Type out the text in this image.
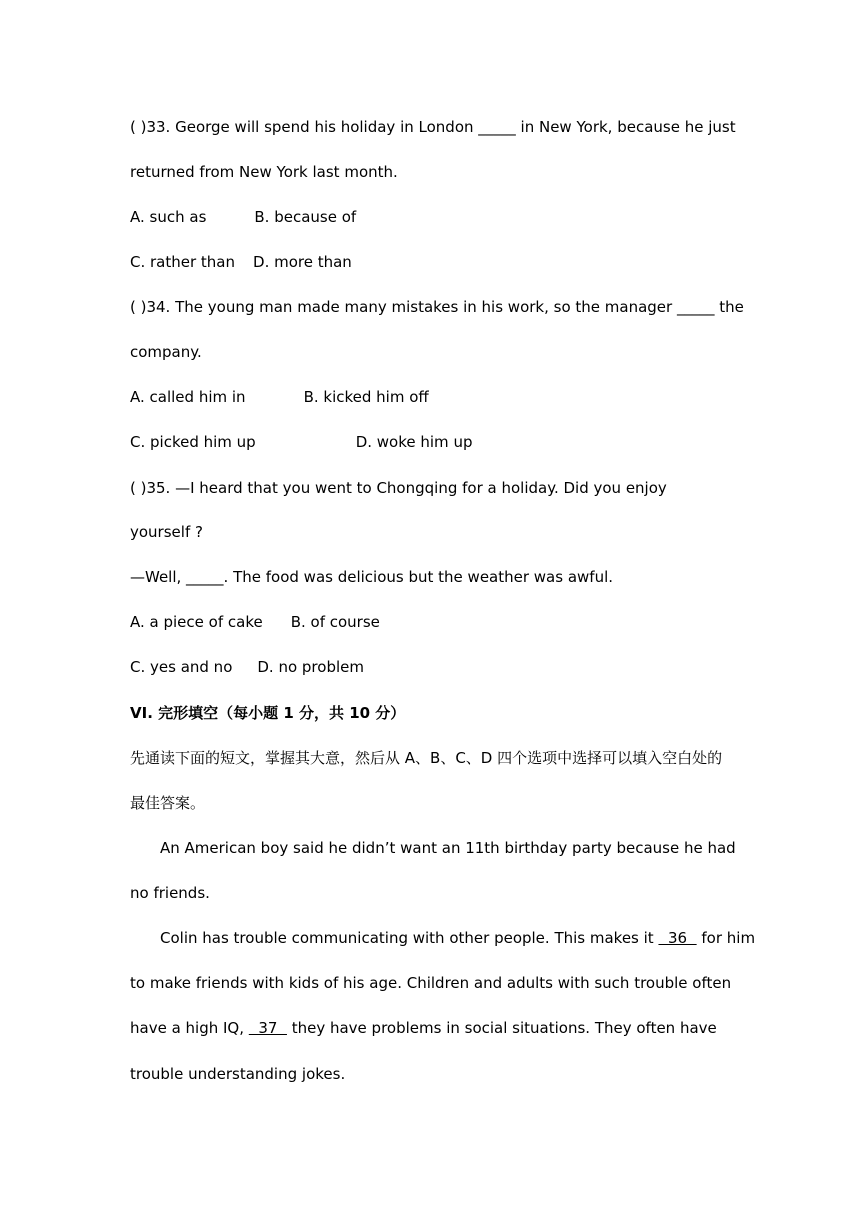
( )33. George will spend his holiday in London _____ in New York, because he just
returned from New York last month.
A. such as	B. because of
C. rather than D. more than
( )34. The young man made many mistakes in his work, so the manager _____ the
company.
A. called him in	B. kicked him off
C. picked him up	D. woke him up
( )35. —I heard that you went to Chongqing for a holiday. Did you enjoy
yourself ?
—Well, _____. The food was delicious but the weather was awful.
A. a piece of cake B. of course
C. yes and no D. no problem
VI. 完形填空（每小题 1 分，共 10 分）
先通读下面的短文，掌握其大意，然后从 A、B、C、D 四个选项中选择可以填入空白处的
最佳答案。
An American boy said he didn’t want an 11th birthday party because he had
no friends.
Colin has trouble communicating with other people. This makes it   36   for him
to make friends with kids of his age. Children and adults with such trouble often
have a high IQ,   37   they have problems in social situations. They often have
trouble understanding jokes.
